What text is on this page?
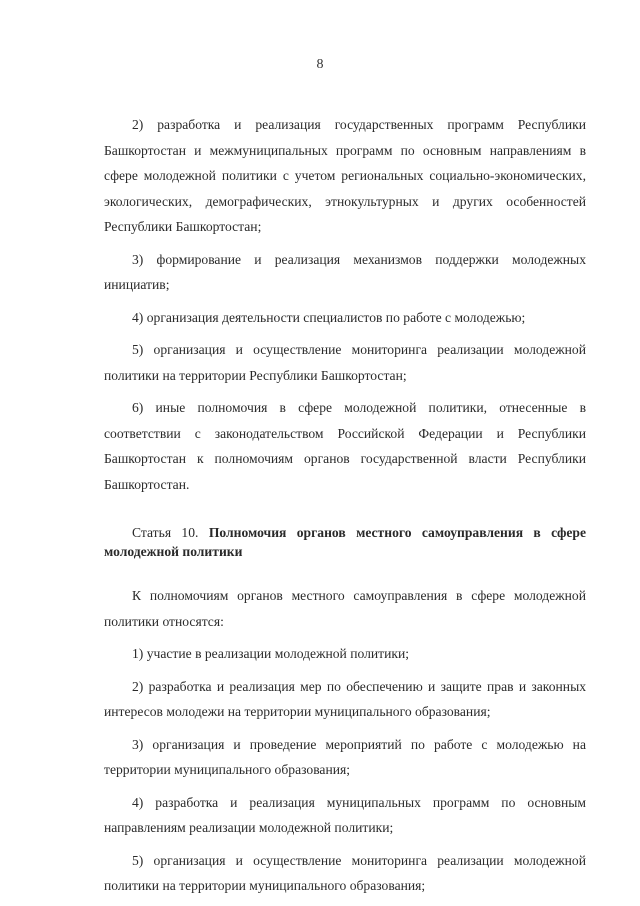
8

2) разработка и реализация государственных программ Республики Башкортостан и межмуниципальных программ по основным направлениям в сфере молодежной политики с учетом региональных социально-экономических, экологических, демографических, этнокультурных и других особенностей Республики Башкортостан;

3) формирование и реализация механизмов поддержки молодежных инициатив;

4) организация деятельности специалистов по работе с молодежью;

5) организация и осуществление мониторинга реализации молодежной политики на территории Республики Башкортостан;

6) иные полномочия в сфере молодежной политики, отнесенные в соответствии с законодательством Российской Федерации и Республики Башкортостан к полномочиям органов государственной власти Республики Башкортостан.

Статья 10. Полномочия органов местного самоуправления в сфере молодежной политики

К полномочиям органов местного самоуправления в сфере молодежной политики относятся:

1) участие в реализации молодежной политики;

2) разработка и реализация мер по обеспечению и защите прав и законных интересов молодежи на территории муниципального образования;

3) организация и проведение мероприятий по работе с молодежью на территории муниципального образования;

4) разработка и реализация муниципальных программ по основным направлениям реализации молодежной политики;

5) организация и осуществление мониторинга реализации молодежной политики на территории муниципального образования;
